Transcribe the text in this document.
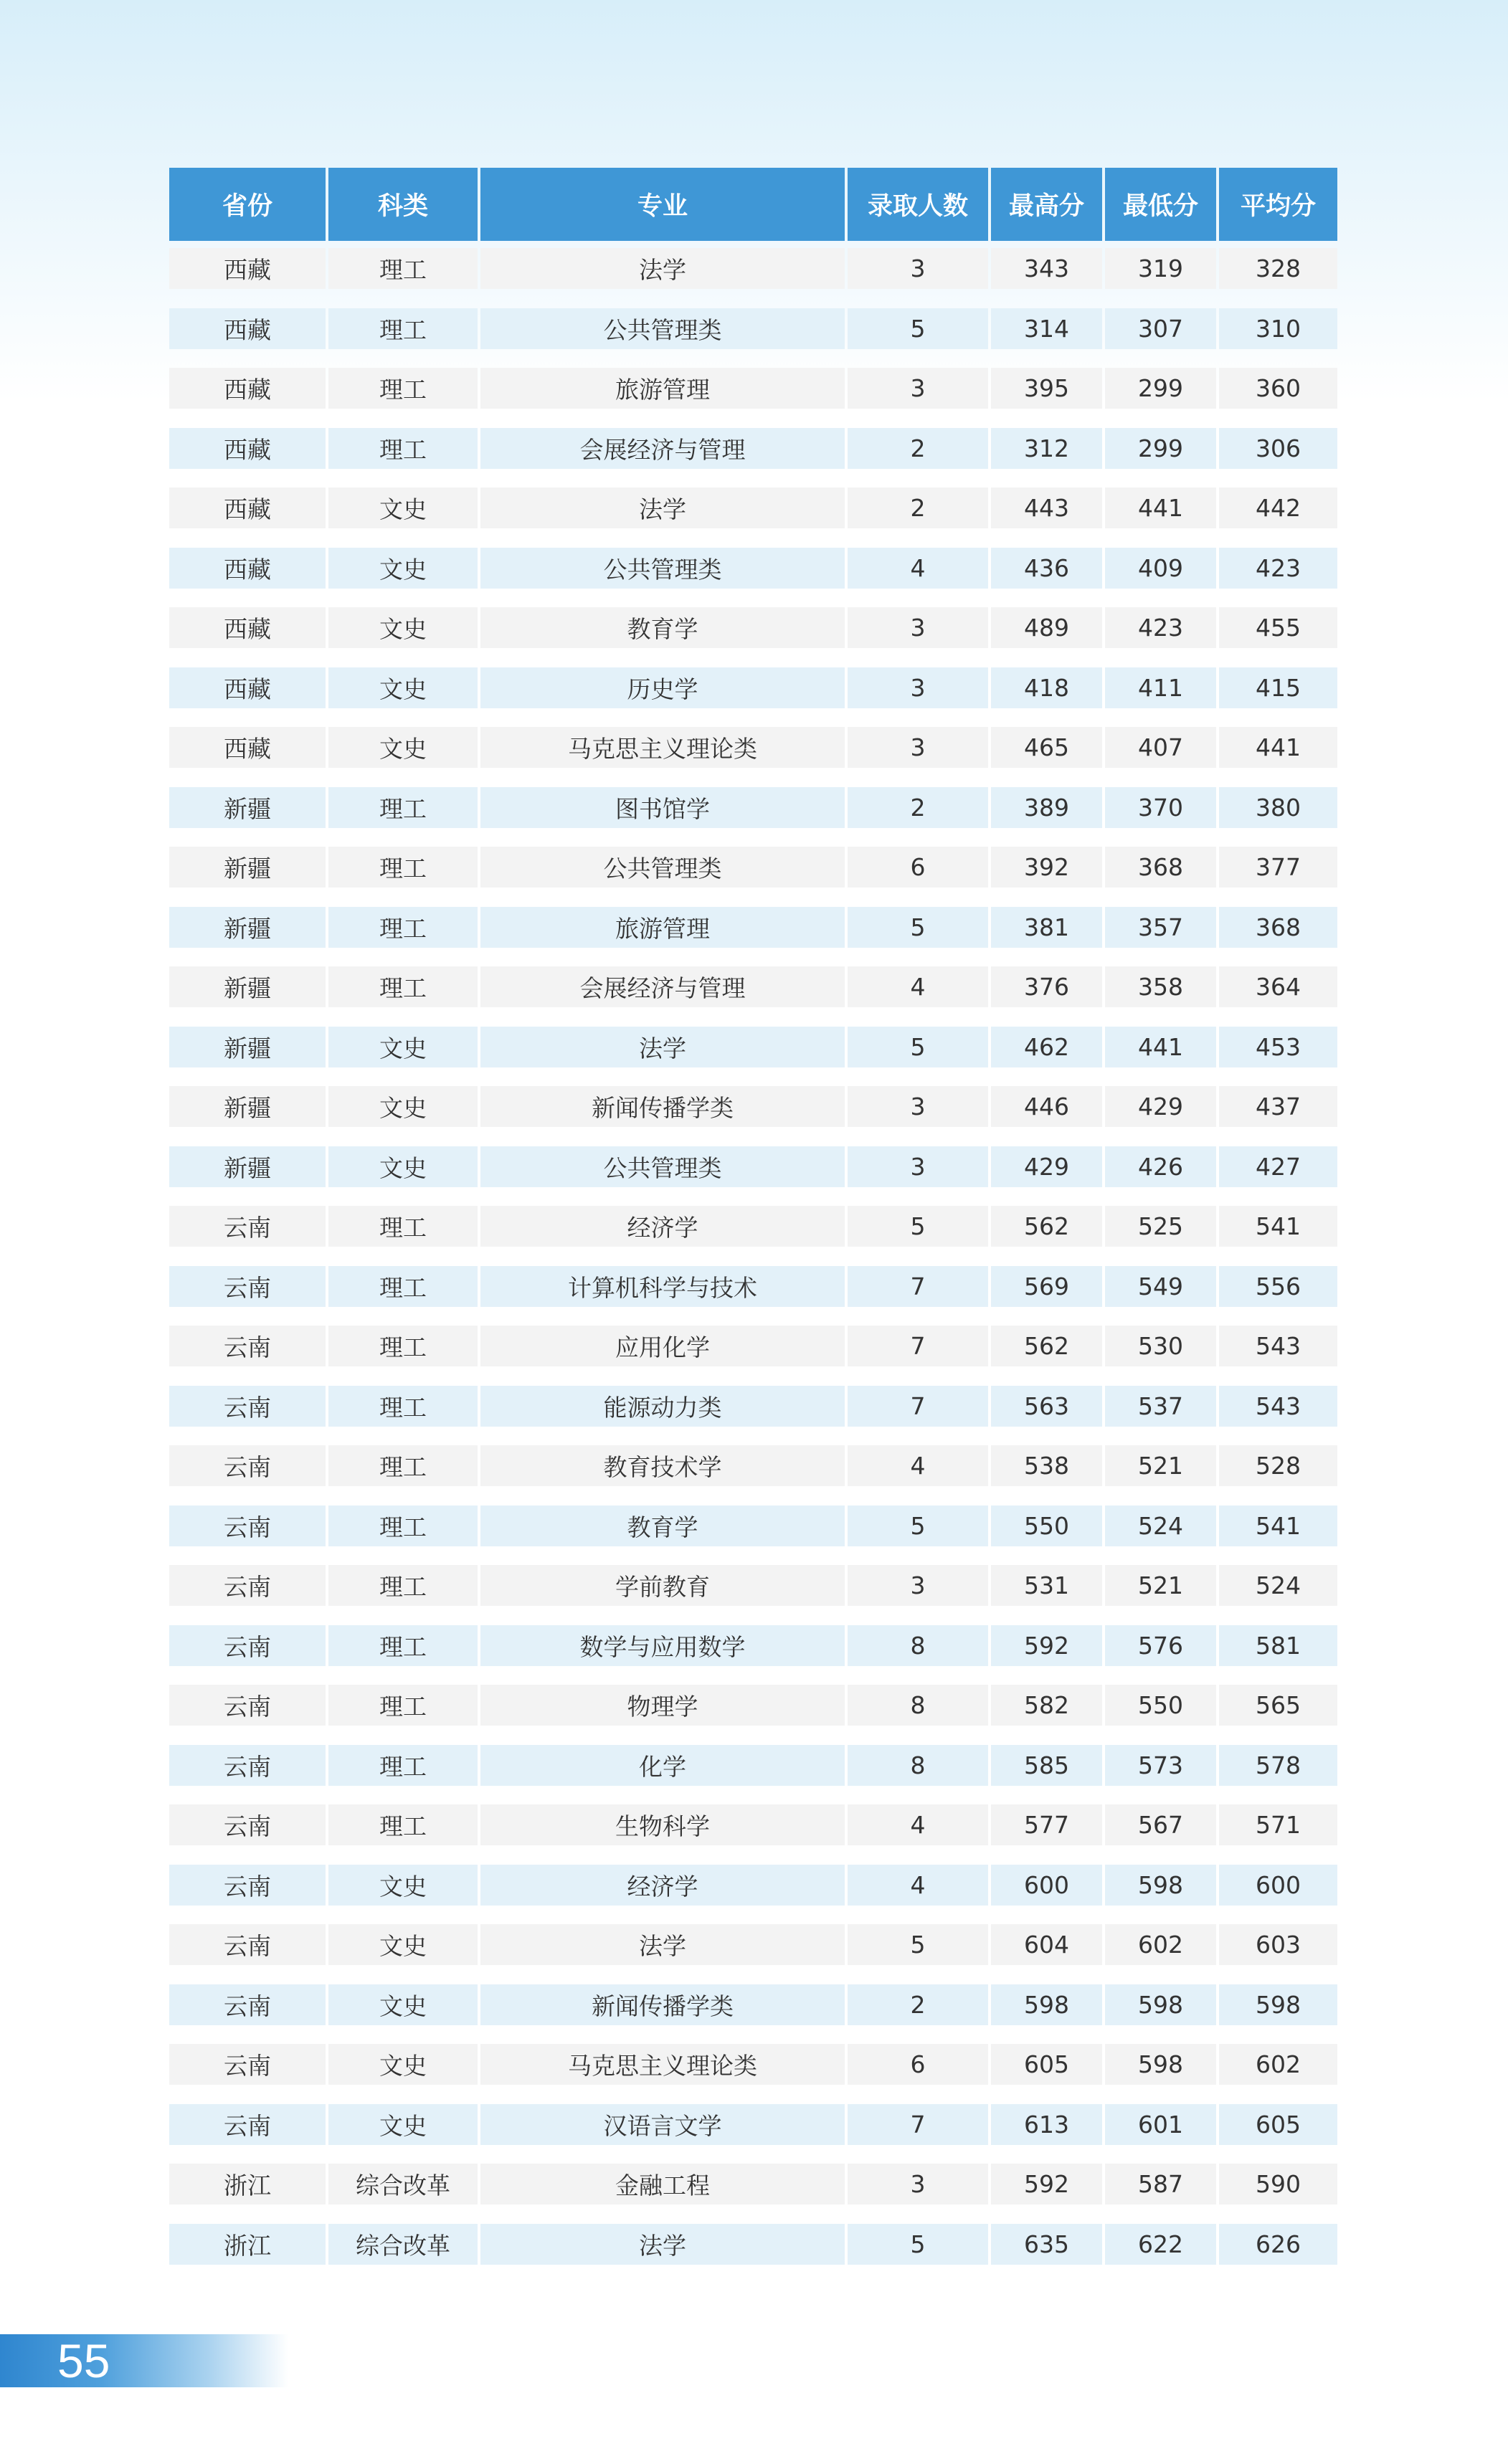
省份	科类	专业	录取人数	最高分	最低分	平均分
西藏	理工	法学	3	343	319	328
西藏	理工	公共管理类	5	314	307	310
西藏	理工	旅游管理	3	395	299	360
西藏	理工	会展经济与管理	2	312	299	306
西藏	文史	法学	2	443	441	442
西藏	文史	公共管理类	4	436	409	423
西藏	文史	教育学	3	489	423	455
西藏	文史	历史学	3	418	411	415
西藏	文史	马克思主义理论类	3	465	407	441
新疆	理工	图书馆学	2	389	370	380
新疆	理工	公共管理类	6	392	368	377
新疆	理工	旅游管理	5	381	357	368
新疆	理工	会展经济与管理	4	376	358	364
新疆	文史	法学	5	462	441	453
新疆	文史	新闻传播学类	3	446	429	437
新疆	文史	公共管理类	3	429	426	427
云南	理工	经济学	5	562	525	541
云南	理工	计算机科学与技术	7	569	549	556
云南	理工	应用化学	7	562	530	543
云南	理工	能源动力类	7	563	537	543
云南	理工	教育技术学	4	538	521	528
云南	理工	教育学	5	550	524	541
云南	理工	学前教育	3	531	521	524
云南	理工	数学与应用数学	8	592	576	581
云南	理工	物理学	8	582	550	565
云南	理工	化学	8	585	573	578
云南	理工	生物科学	4	577	567	571
云南	文史	经济学	4	600	598	600
云南	文史	法学	5	604	602	603
云南	文史	新闻传播学类	2	598	598	598
云南	文史	马克思主义理论类	6	605	598	602
云南	文史	汉语言文学	7	613	601	605
浙江	综合改革	金融工程	3	592	587	590
浙江	综合改革	法学	5	635	622	626
55
